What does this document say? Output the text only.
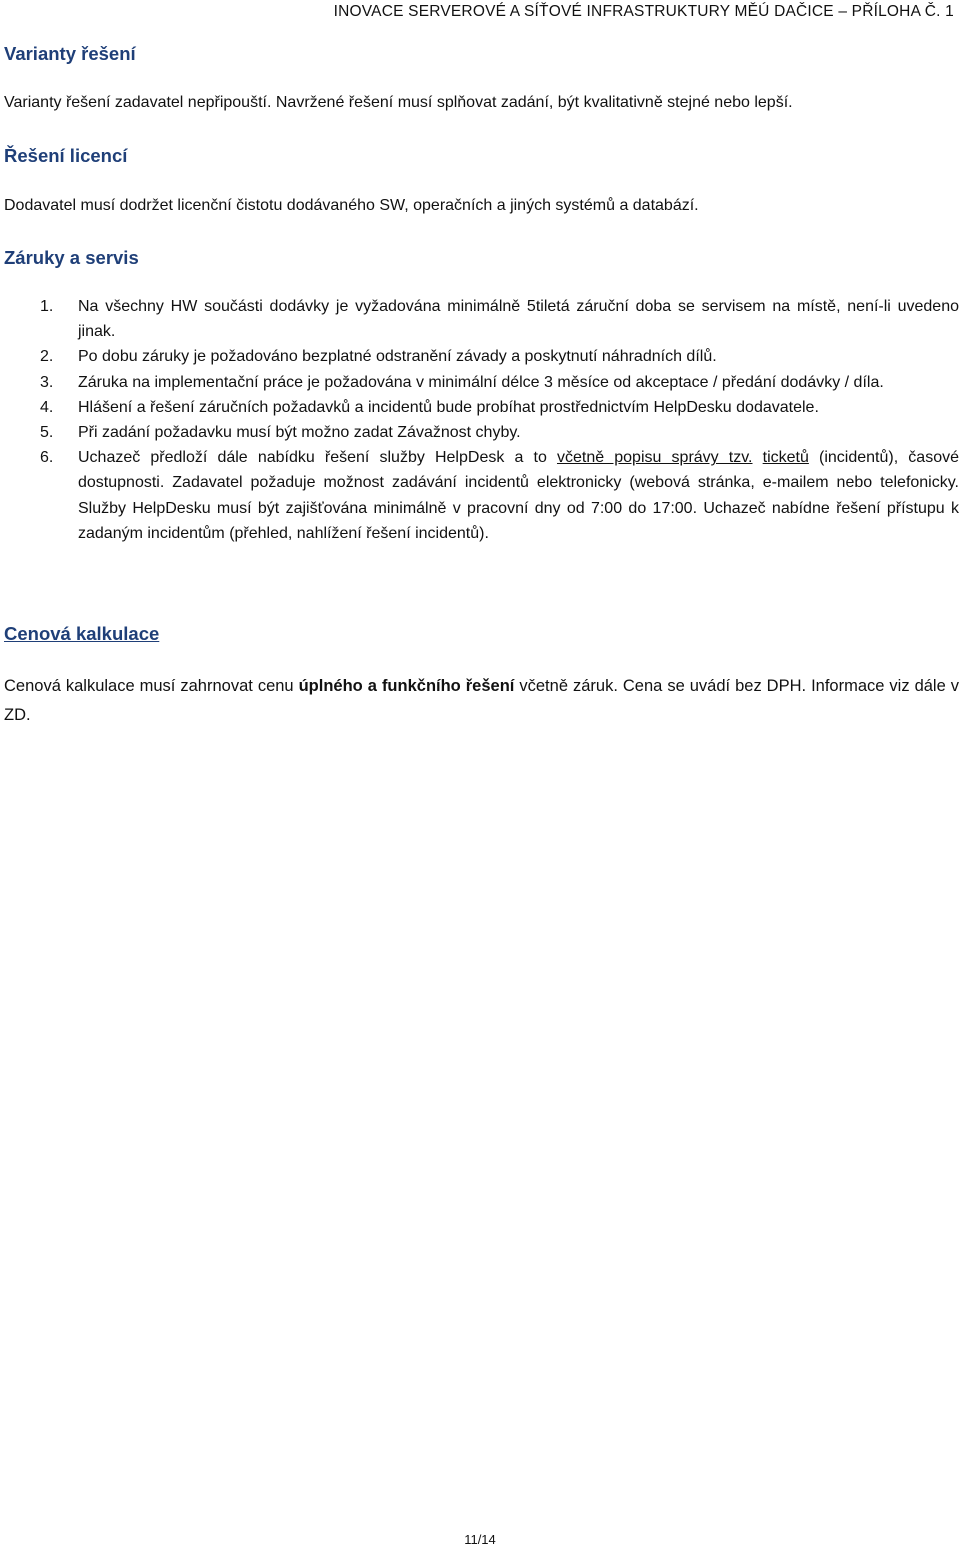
INOVACE SERVEROVÉ A SÍŤOVÉ INFRASTRUKTURY MĚÚ DAČICE – PŘÍLOHA Č. 1
Varianty řešení
Varianty řešení zadavatel nepřipouští. Navržené řešení musí splňovat zadání, být kvalitativně stejné nebo lepší.
Řešení licencí
Dodavatel musí dodržet licenční čistotu dodávaného SW, operačních a jiných systémů a databází.
Záruky a servis
1. Na všechny HW součásti dodávky je vyžadována minimálně 5tiletá záruční doba se servisem na místě, není-li uvedeno jinak.
2. Po dobu záruky je požadováno bezplatné odstranění závady a poskytnutí náhradních dílů.
3. Záruka na implementační práce je požadována v minimální délce 3 měsíce od akceptace / předání dodávky / díla.
4. Hlášení a řešení záručních požadavků a incidentů bude probíhat prostřednictvím HelpDesku dodavatele.
5. Při zadání požadavku musí být možno zadat Závažnost chyby.
6. Uchazeč předloží dále nabídku řešení služby HelpDesk a to včetně popisu správy tzv. ticketů (incidentů), časové dostupnosti. Zadavatel požaduje možnost zadávání incidentů elektronicky (webová stránka, e-mailem nebo telefonicky. Služby HelpDesku musí být zajišťována minimálně v pracovní dny od 7:00 do 17:00. Uchazeč nabídne řešení přístupu k zadaným incidentům (přehled, nahlížení řešení incidentů).
Cenová kalkulace
Cenová kalkulace musí zahrnovat cenu úplného a funkčního řešení včetně záruk. Cena se uvádí bez DPH. Informace viz dále v ZD.
11/14
